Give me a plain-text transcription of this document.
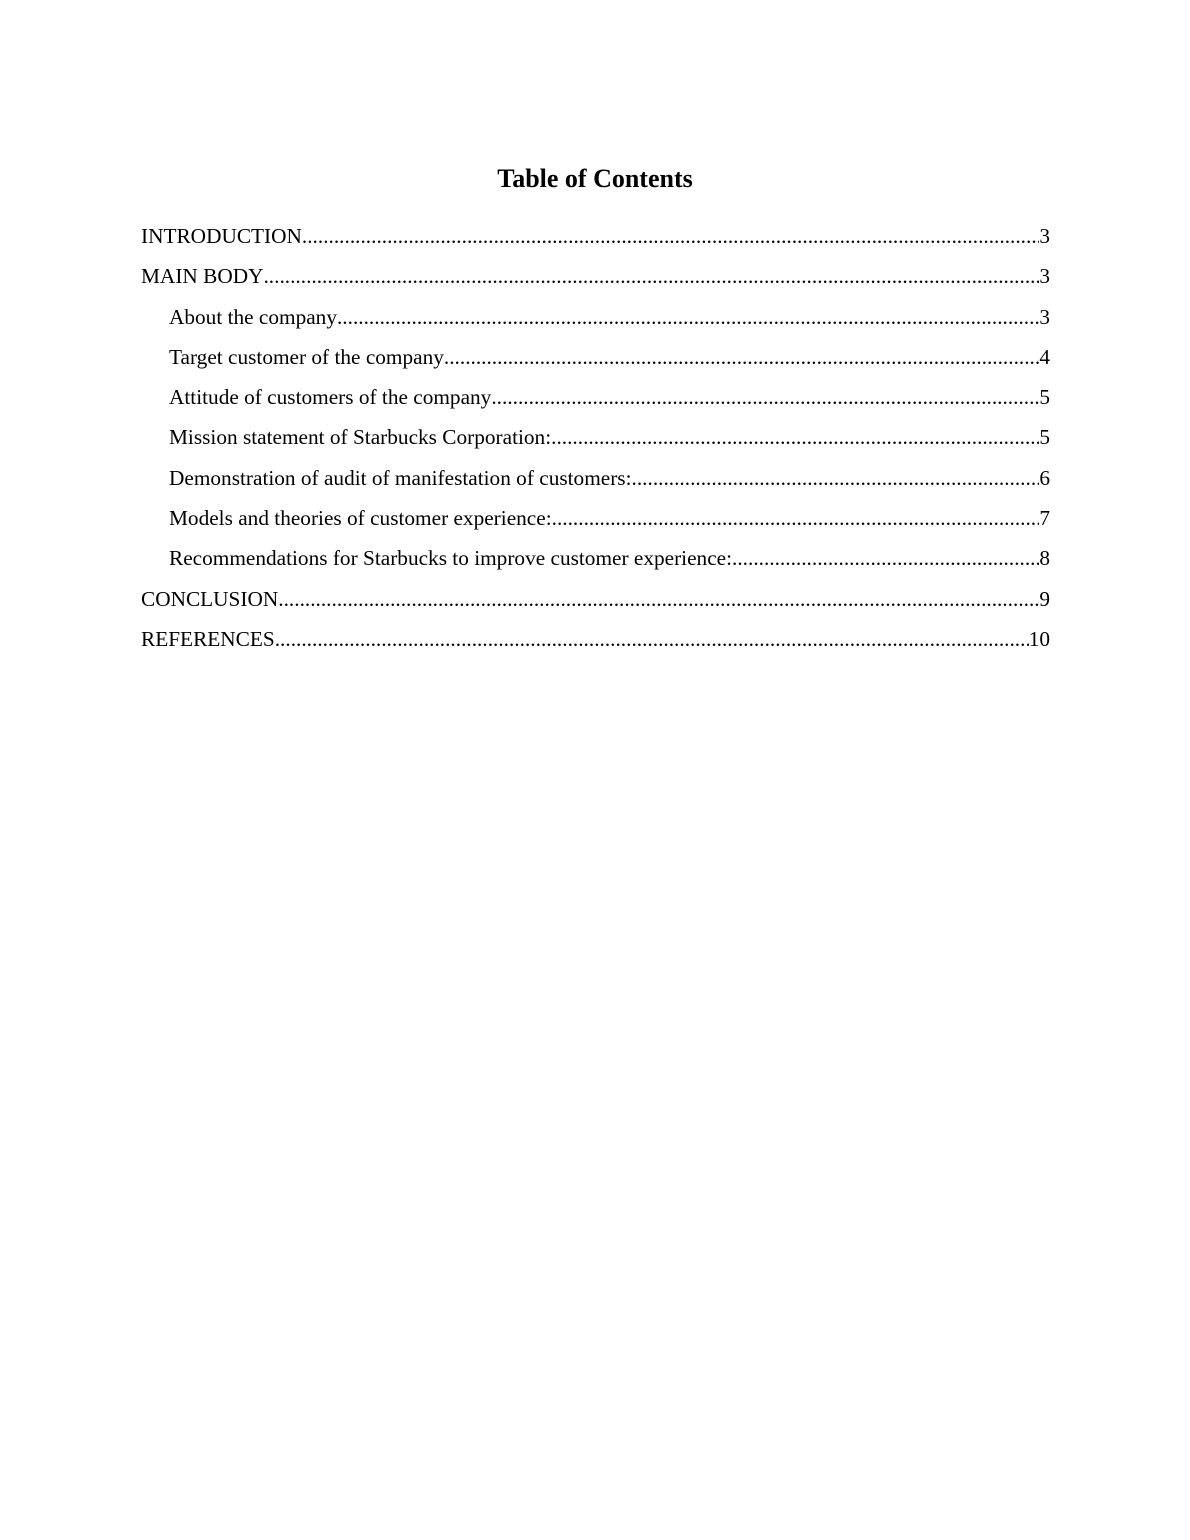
Table of Contents
INTRODUCTION .....	3
MAIN BODY .....	3
About the company .....	3
Target customer of the company .....	4
Attitude of customers of the company .....	5
Mission statement of Starbucks Corporation: .....	5
Demonstration of audit of manifestation of customers: .....	6
Models and theories of customer experience: .....	7
Recommendations for Starbucks to improve customer experience: .....	8
CONCLUSION .....	9
REFERENCES .....	10
